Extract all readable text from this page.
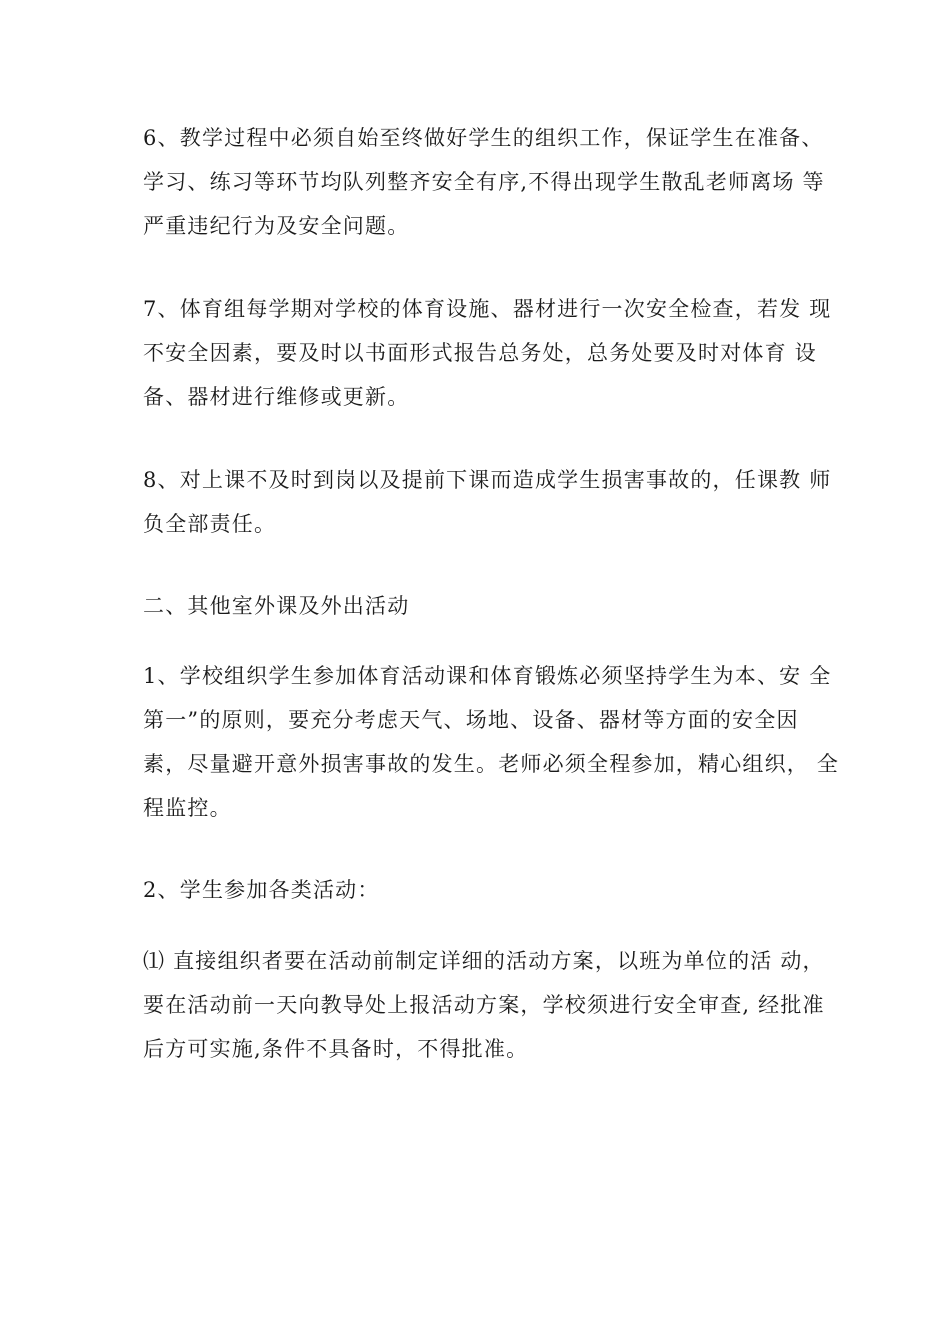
6、教学过程中必须自始至终做好学生的组织工作，保证学生在准备、
学习、练习等环节均队列整齐安全有序,不得出现学生散乱老师离场 等
严重违纪行为及安全问题。

7、体育组每学期对学校的体育设施、器材进行一次安全检查，若发 现
不安全因素，要及时以书面形式报告总务处，总务处要及时对体育 设
备、器材进行维修或更新。

8、对上课不及时到岗以及提前下课而造成学生损害事故的，任课教 师
负全部责任。

二、其他室外课及外出活动

1、学校组织学生参加体育活动课和体育锻炼必须坚持学生为本、安 全
第一”的原则，要充分考虑天气、场地、设备、器材等方面的安全因
素，尽量避开意外损害事故的发生。老师必须全程参加，精心组织， 全
程监控。

2、学生参加各类活动：

⑴ 直接组织者要在活动前制定详细的活动方案，以班为单位的活 动，
要在活动前一天向教导处上报活动方案，学校须进行安全审查, 经批准
后方可实施,条件不具备时，不得批准。
